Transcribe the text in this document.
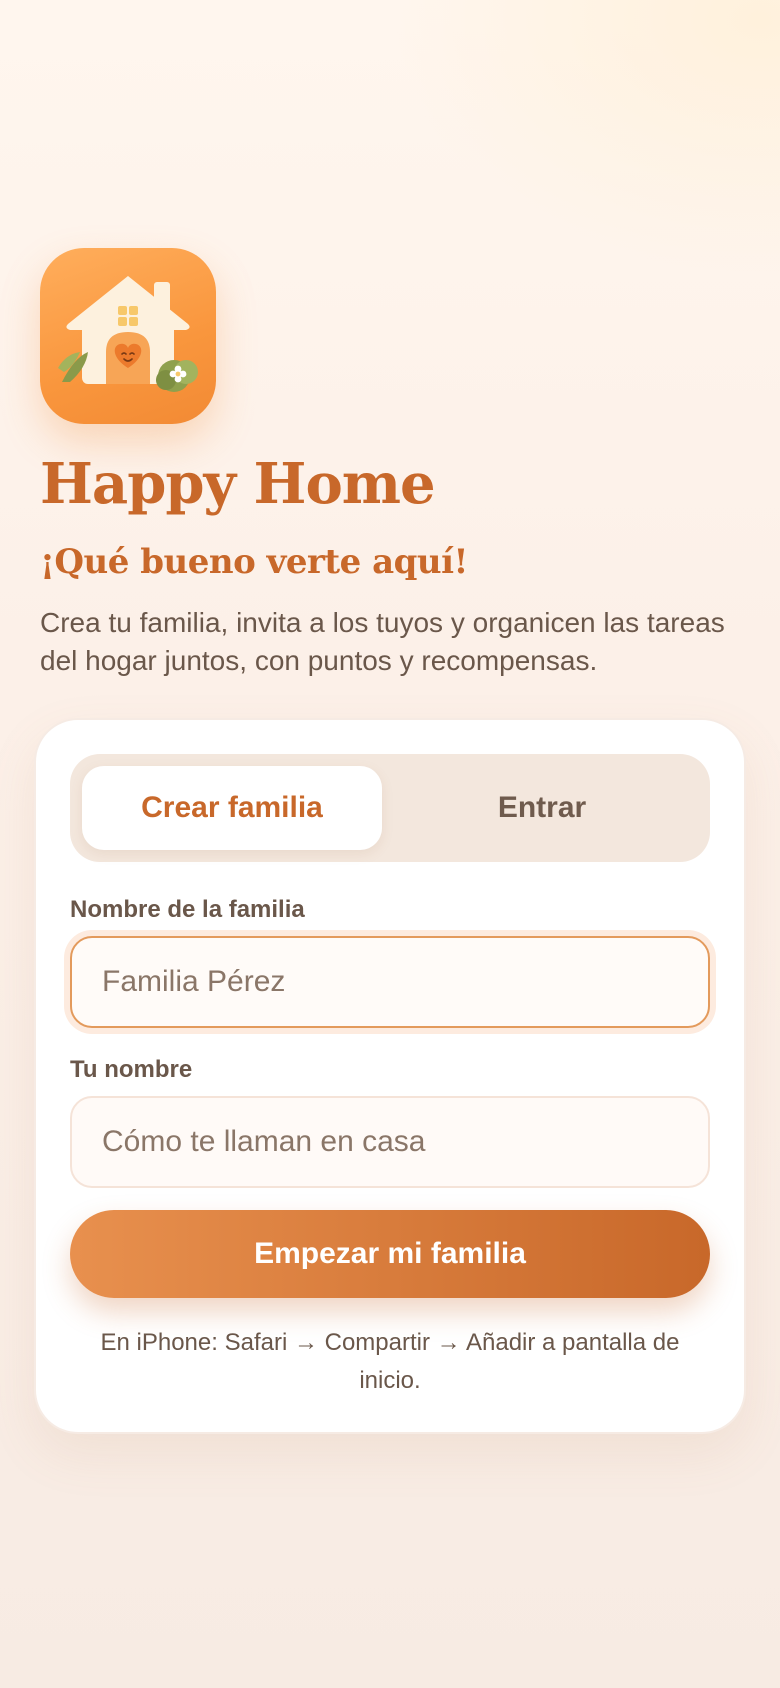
Happy Home
¡Qué bueno verte aquí!

Crea tu familia, invita a los tuyos y organicen las tareas del hogar juntos, con puntos y recompensas.

Crear familia	Entrar
Nombre de la familia
Familia Pérez
Tu nombre
Cómo te llaman en casa
Empezar mi familia

En iPhone: Safari → Compartir → Añadir a pantalla de inicio.
